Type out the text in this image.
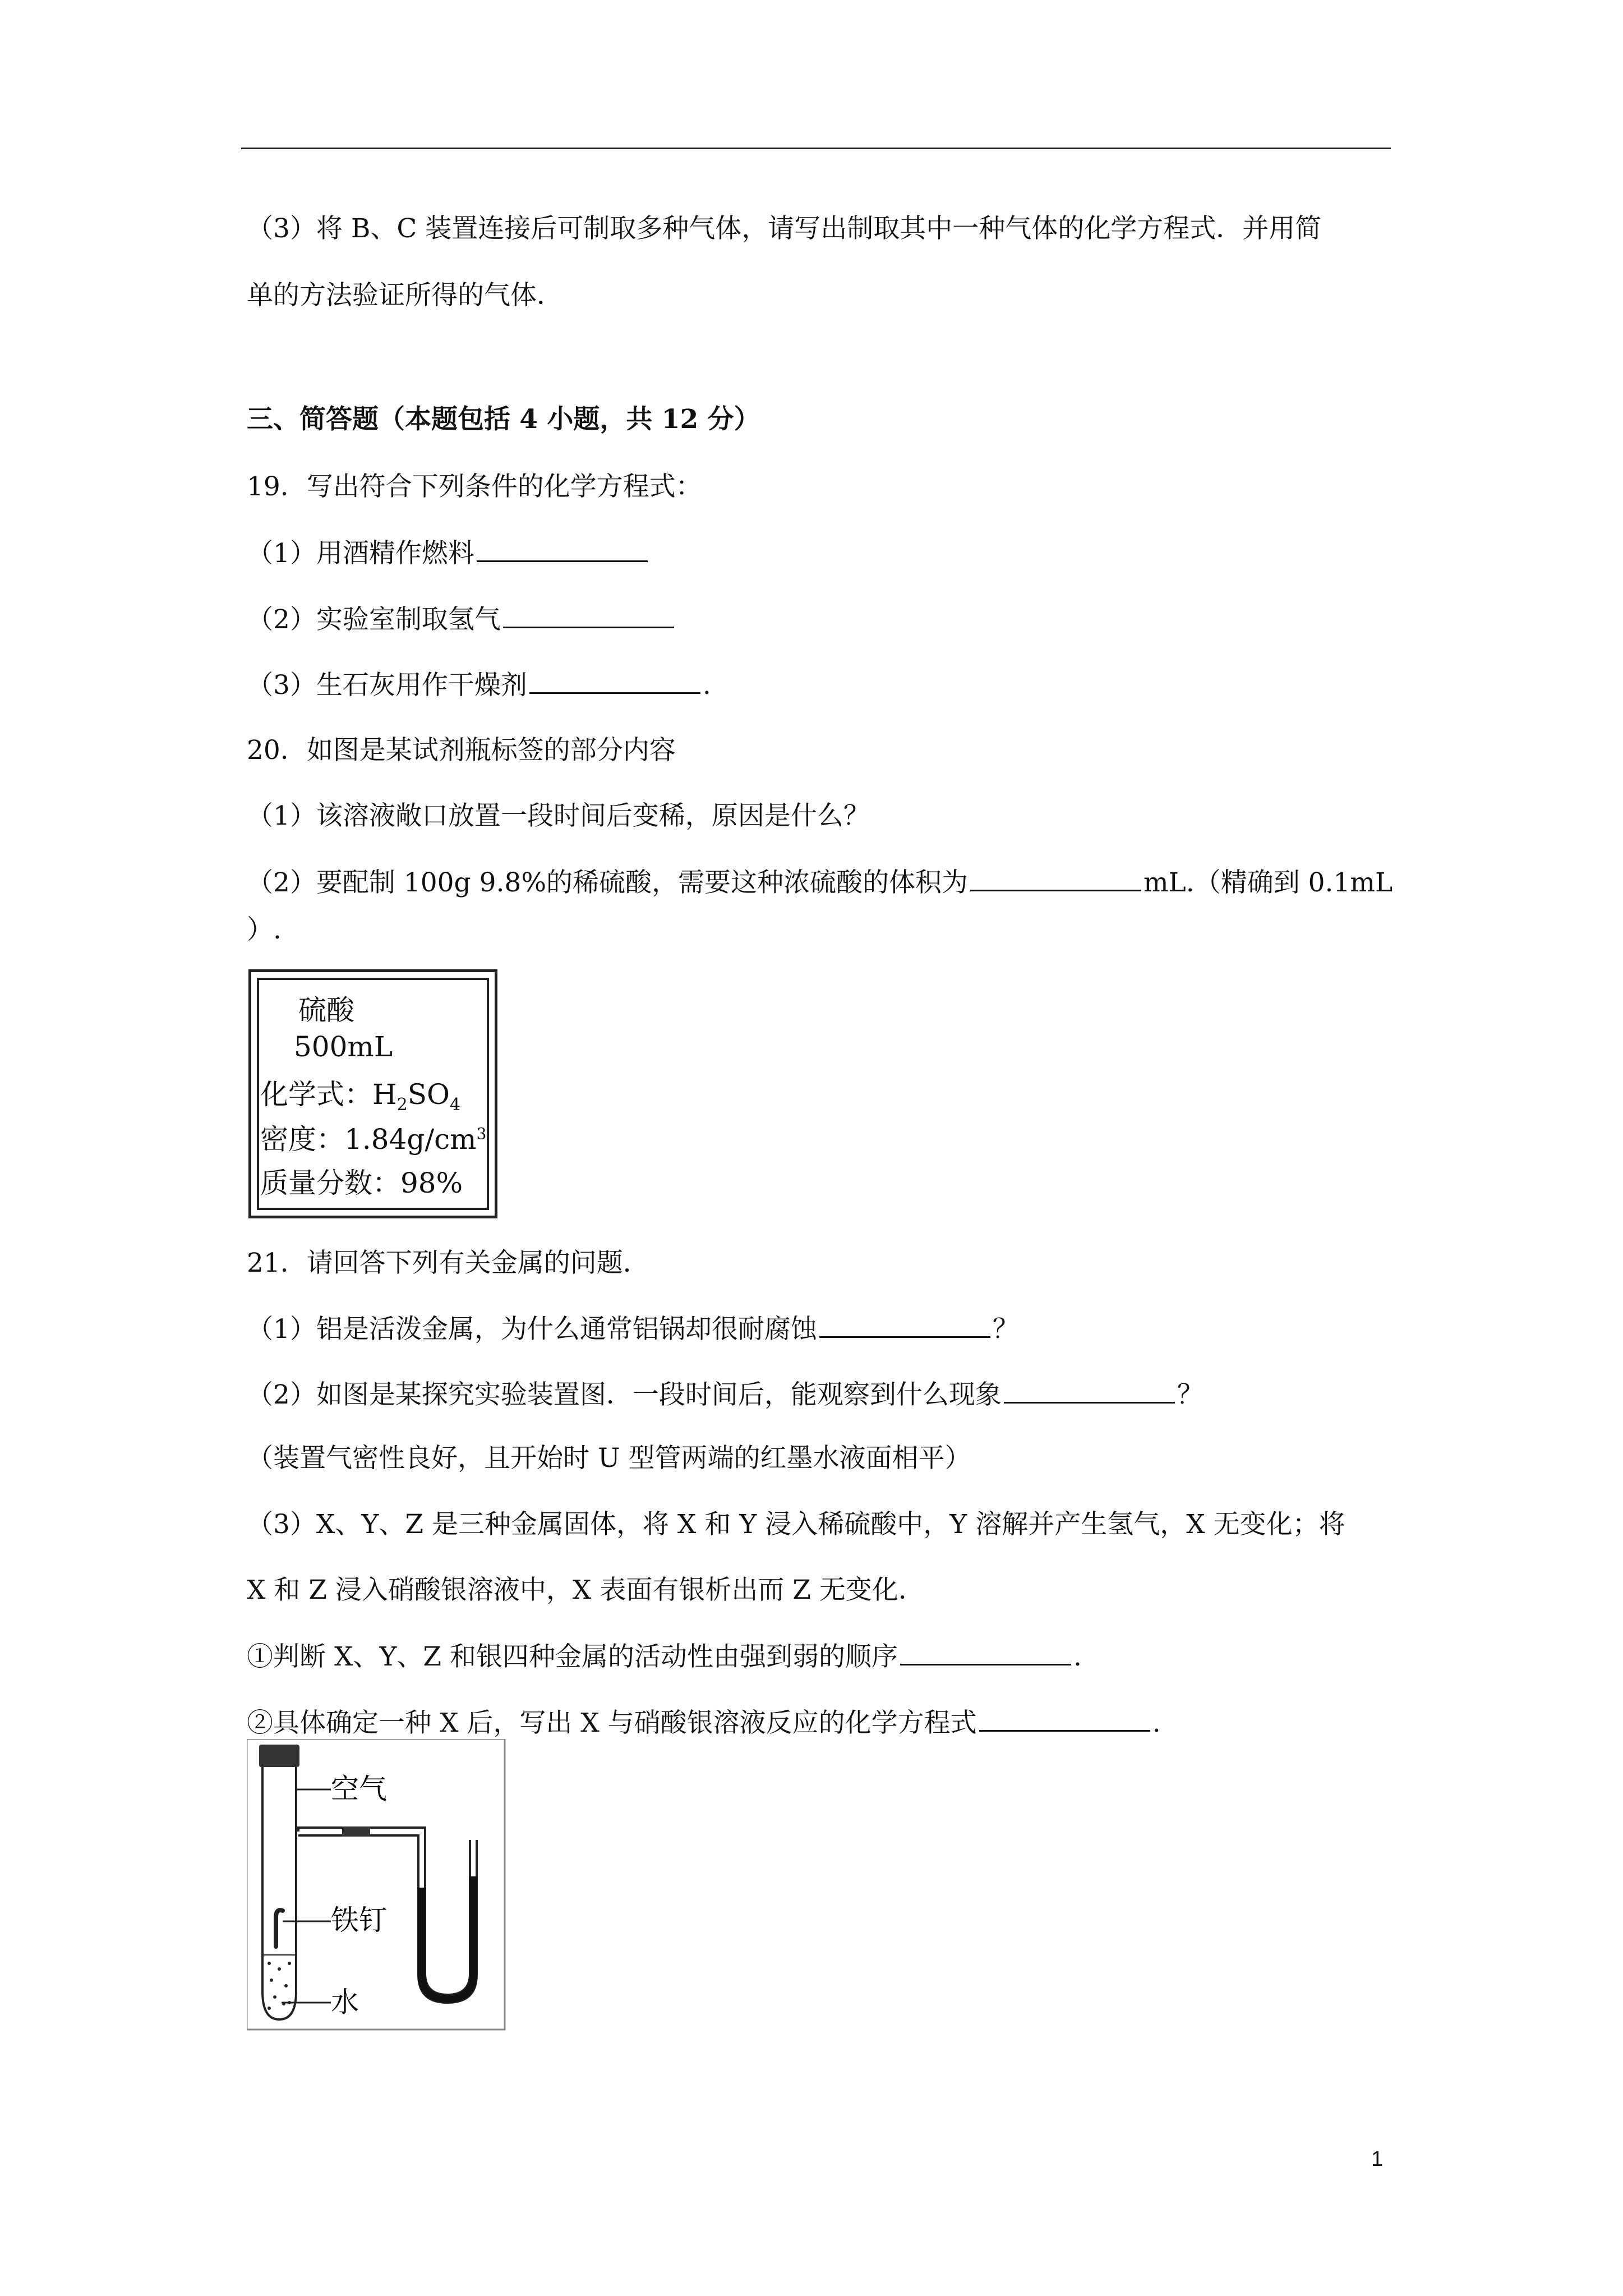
（3）将 B、C 装置连接后可制取多种气体，请写出制取其中一种气体的化学方程式．并用简
单的方法验证所得的气体．
三、简答题（本题包括 4 小题，共 12 分）
19．写出符合下列条件的化学方程式：
（1）用酒精作燃料
（2）实验室制取氢气
（3）生石灰用作干燥剂	.
20．如图是某试剂瓶标签的部分内容
（1）该溶液敞口放置一段时间后变稀，原因是什么？
（2）要配制 100g 9.8%的稀硫酸，需要这种浓硫酸的体积为	mL.（精确到 0.1mL
）.
硫酸
500mL
化学式：$H_2SO_4$
密度：$1.84g/cm^3$
质量分数：98%
21．请回答下列有关金属的问题．
（1）铝是活泼金属，为什么通常铝锅却很耐腐蚀	？
（2）如图是某探究实验装置图．一段时间后，能观察到什么现象	？
（装置气密性良好，且开始时 U 型管两端的红墨水液面相平）
（3）X、Y、Z 是三种金属固体，将 X 和 Y 浸入稀硫酸中，Y 溶解并产生氢气，X 无变化；将
X 和 Z 浸入硝酸银溶液中，X 表面有银析出而 Z 无变化．
①判断 X、Y、Z 和银四种金属的活动性由强到弱的顺序	.
②具体确定一种 X 后，写出 X 与硝酸银溶液反应的化学方程式	.
空气
铁钉
水
1
